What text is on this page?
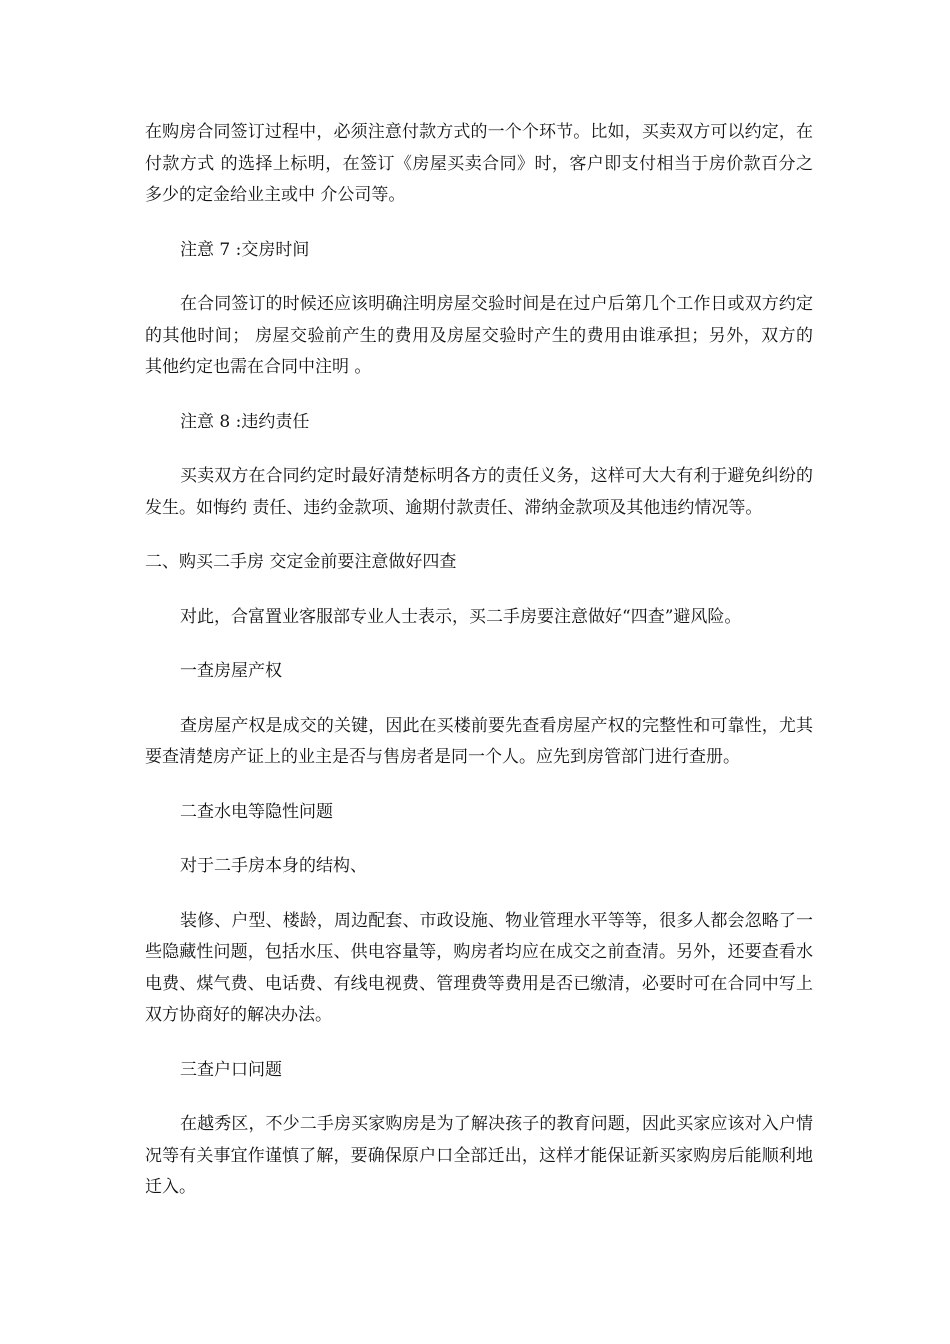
在购房合同签订过程中，必须注意付款方式的一个个环节。比如，买卖双方可以约定，在付款方式 的选择上标明，在签订《房屋买卖合同》时，客户即支付相当于房价款百分之多少的定金给业主或中 介公司等。

注意 7 :交房时间

在合同签订的时候还应该明确注明房屋交验时间是在过户后第几个工作日或双方约定的其他时间； 房屋交验前产生的费用及房屋交验时产生的费用由谁承担；另外，双方的其他约定也需在合同中注明 。

注意 8 :违约责任

买卖双方在合同约定时最好清楚标明各方的责任义务，这样可大大有利于避免纠纷的发生。如悔约 责任、违约金款项、逾期付款责任、滞纳金款项及其他违约情况等。

二、购买二手房 交定金前要注意做好四查

对此，合富置业客服部专业人士表示，买二手房要注意做好“四查”避风险。

一查房屋产权

查房屋产权是成交的关键，因此在买楼前要先查看房屋产权的完整性和可靠性，尤其要查清楚房产证上的业主是否与售房者是同一个人。应先到房管部门进行查册。

二查水电等隐性问题

对于二手房本身的结构、

装修、户型、楼龄，周边配套、市政设施、物业管理水平等等，很多人都会忽略了一些隐藏性问题，包括水压、供电容量等，购房者均应在成交之前查清。另外，还要查看水电费、煤气费、电话费、有线电视费、管理费等费用是否已缴清，必要时可在合同中写上双方协商好的解决办法。

三查户口问题

在越秀区，不少二手房买家购房是为了解决孩子的教育问题，因此买家应该对入户情况等有关事宜作谨慎了解，要确保原户口全部迁出，这样才能保证新买家购房后能顺利地迁入。
